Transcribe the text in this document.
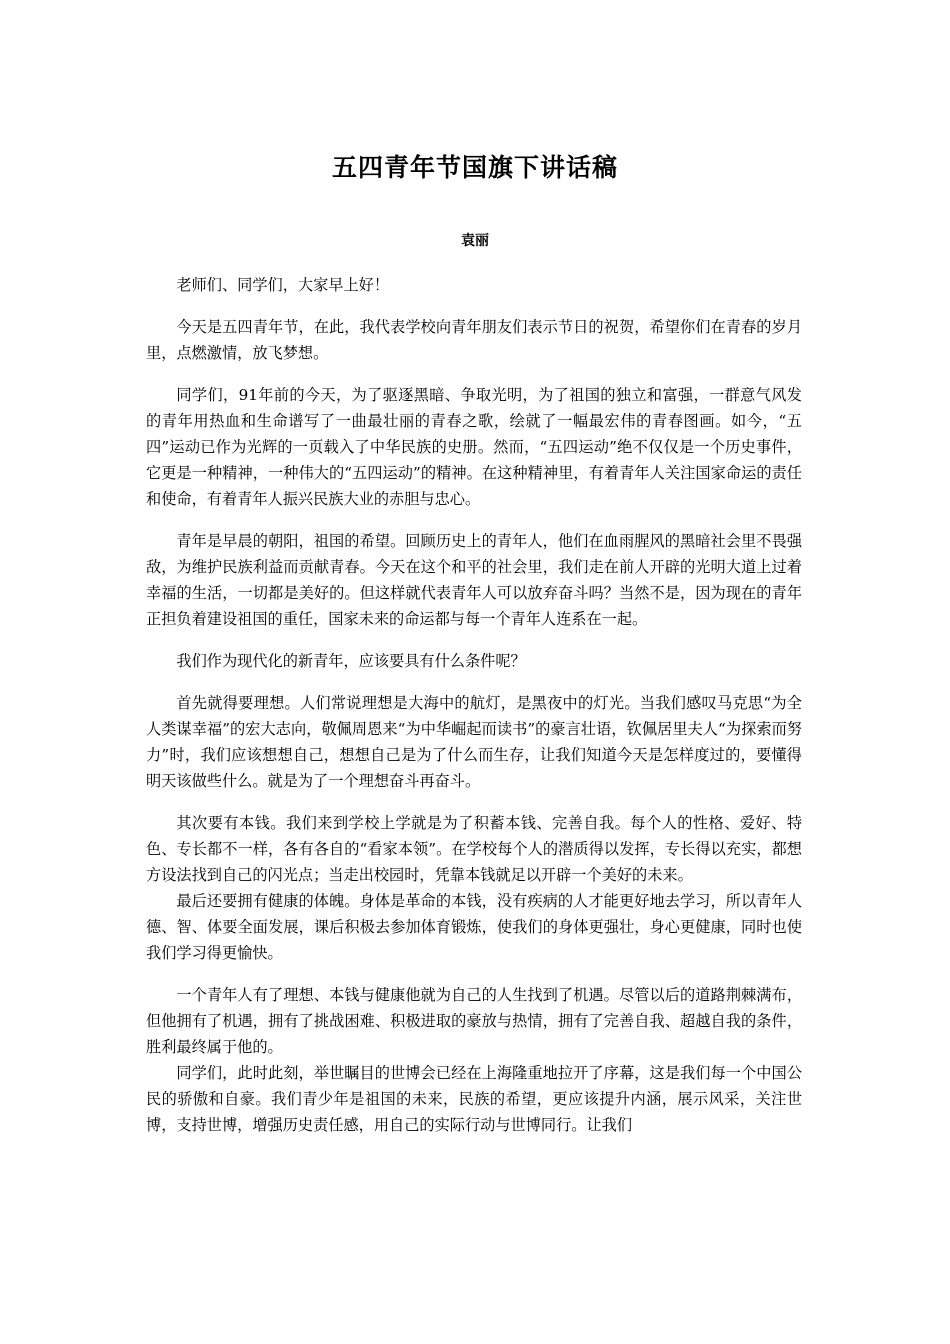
五四青年节国旗下讲话稿
袁丽

老师们、同学们，大家早上好！

今天是五四青年节，在此，我代表学校向青年朋友们表示节日的祝贺，希望你们在青春的岁月里，点燃激情，放飞梦想。

同学们，91年前的今天，为了驱逐黑暗、争取光明，为了祖国的独立和富强，一群意气风发的青年用热血和生命谱写了一曲最壮丽的青春之歌，绘就了一幅最宏伟的青春图画。如今，“五四”运动已作为光辉的一页载入了中华民族的史册。然而，“五四运动”绝不仅仅是一个历史事件，它更是一种精神，一种伟大的“五四运动”的精神。在这种精神里，有着青年人关注国家命运的责任和使命，有着青年人振兴民族大业的赤胆与忠心。

青年是早晨的朝阳，祖国的希望。回顾历史上的青年人，他们在血雨腥风的黑暗社会里不畏强敌，为维护民族利益而贡献青春。今天在这个和平的社会里，我们走在前人开辟的光明大道上过着幸福的生活，一切都是美好的。但这样就代表青年人可以放弃奋斗吗？当然不是，因为现在的青年正担负着建设祖国的重任，国家未来的命运都与每一个青年人连系在一起。

我们作为现代化的新青年，应该要具有什么条件呢？

首先就得要理想。人们常说理想是大海中的航灯，是黑夜中的灯光。当我们感叹马克思“为全人类谋幸福”的宏大志向，敬佩周恩来“为中华崛起而读书”的豪言壮语，钦佩居里夫人“为探索而努力”时，我们应该想想自己，想想自己是为了什么而生存，让我们知道今天是怎样度过的，要懂得明天该做些什么。就是为了一个理想奋斗再奋斗。

其次要有本钱。我们来到学校上学就是为了积蓄本钱、完善自我。每个人的性格、爱好、特色、专长都不一样，各有各自的“看家本领”。在学校每个人的潜质得以发挥，专长得以充实，都想方设法找到自己的闪光点；当走出校园时，凭靠本钱就足以开辟一个美好的未来。

最后还要拥有健康的体魄。身体是革命的本钱，没有疾病的人才能更好地去学习，所以青年人德、智、体要全面发展，课后积极去参加体育锻炼，使我们的身体更强壮，身心更健康，同时也使我们学习得更愉快。

一个青年人有了理想、本钱与健康他就为自己的人生找到了机遇。尽管以后的道路荆棘满布，但他拥有了机遇，拥有了挑战困难、积极进取的豪放与热情，拥有了完善自我、超越自我的条件，胜利最终属于他的。

同学们，此时此刻，举世瞩目的世博会已经在上海隆重地拉开了序幕，这是我们每一个中国公民的骄傲和自豪。我们青少年是祖国的未来，民族的希望，更应该提升内涵，展示风采，关注世博，支持世博，增强历史责任感，用自己的实际行动与世博同行。让我们
